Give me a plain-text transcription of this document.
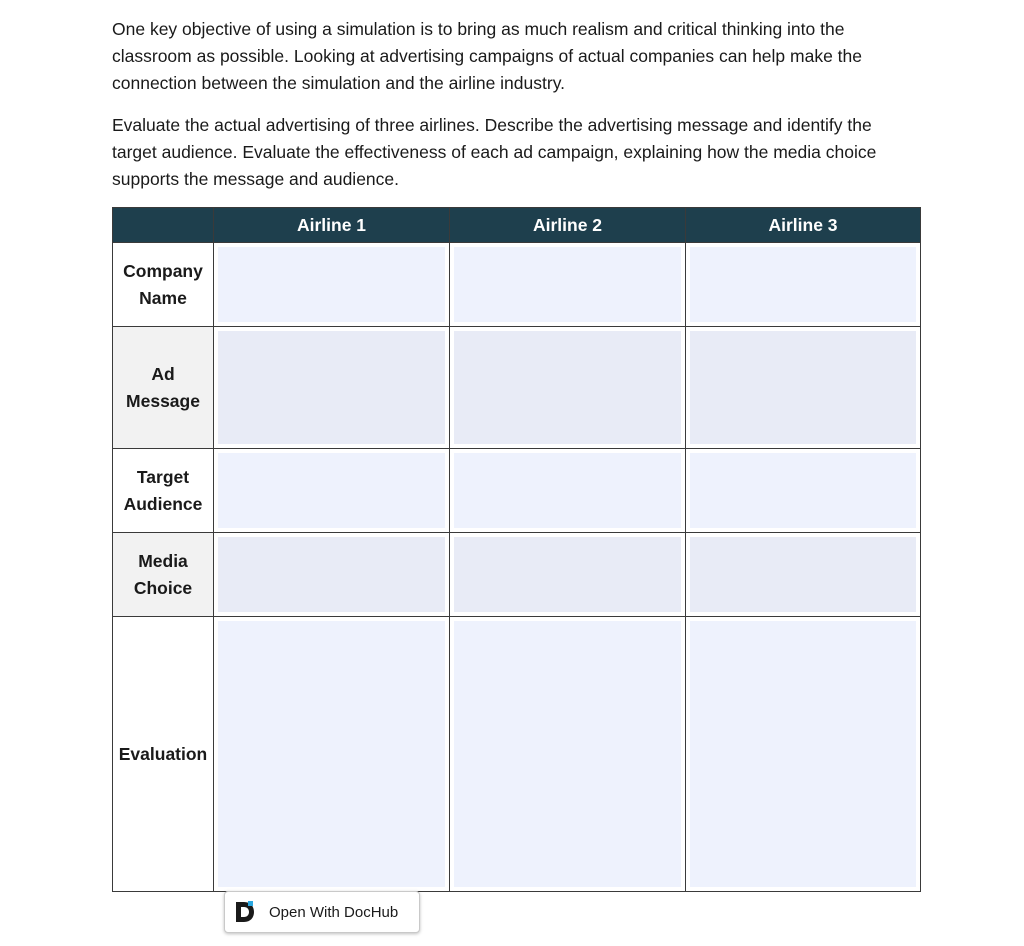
One key objective of using a simulation is to bring as much realism and critical thinking into the classroom as possible. Looking at advertising campaigns of actual companies can help make the connection between the simulation and the airline industry.

Evaluate the actual advertising of three airlines. Describe the advertising message and identify the target audience. Evaluate the effectiveness of each ad campaign, explaining how the media choice supports the message and audience.

	Airline 1	Airline 2	Airline 3

Company
Name			

Ad
Message			

Target
Audience			

Media
Choice			

Evaluation			

Open With DocHub
